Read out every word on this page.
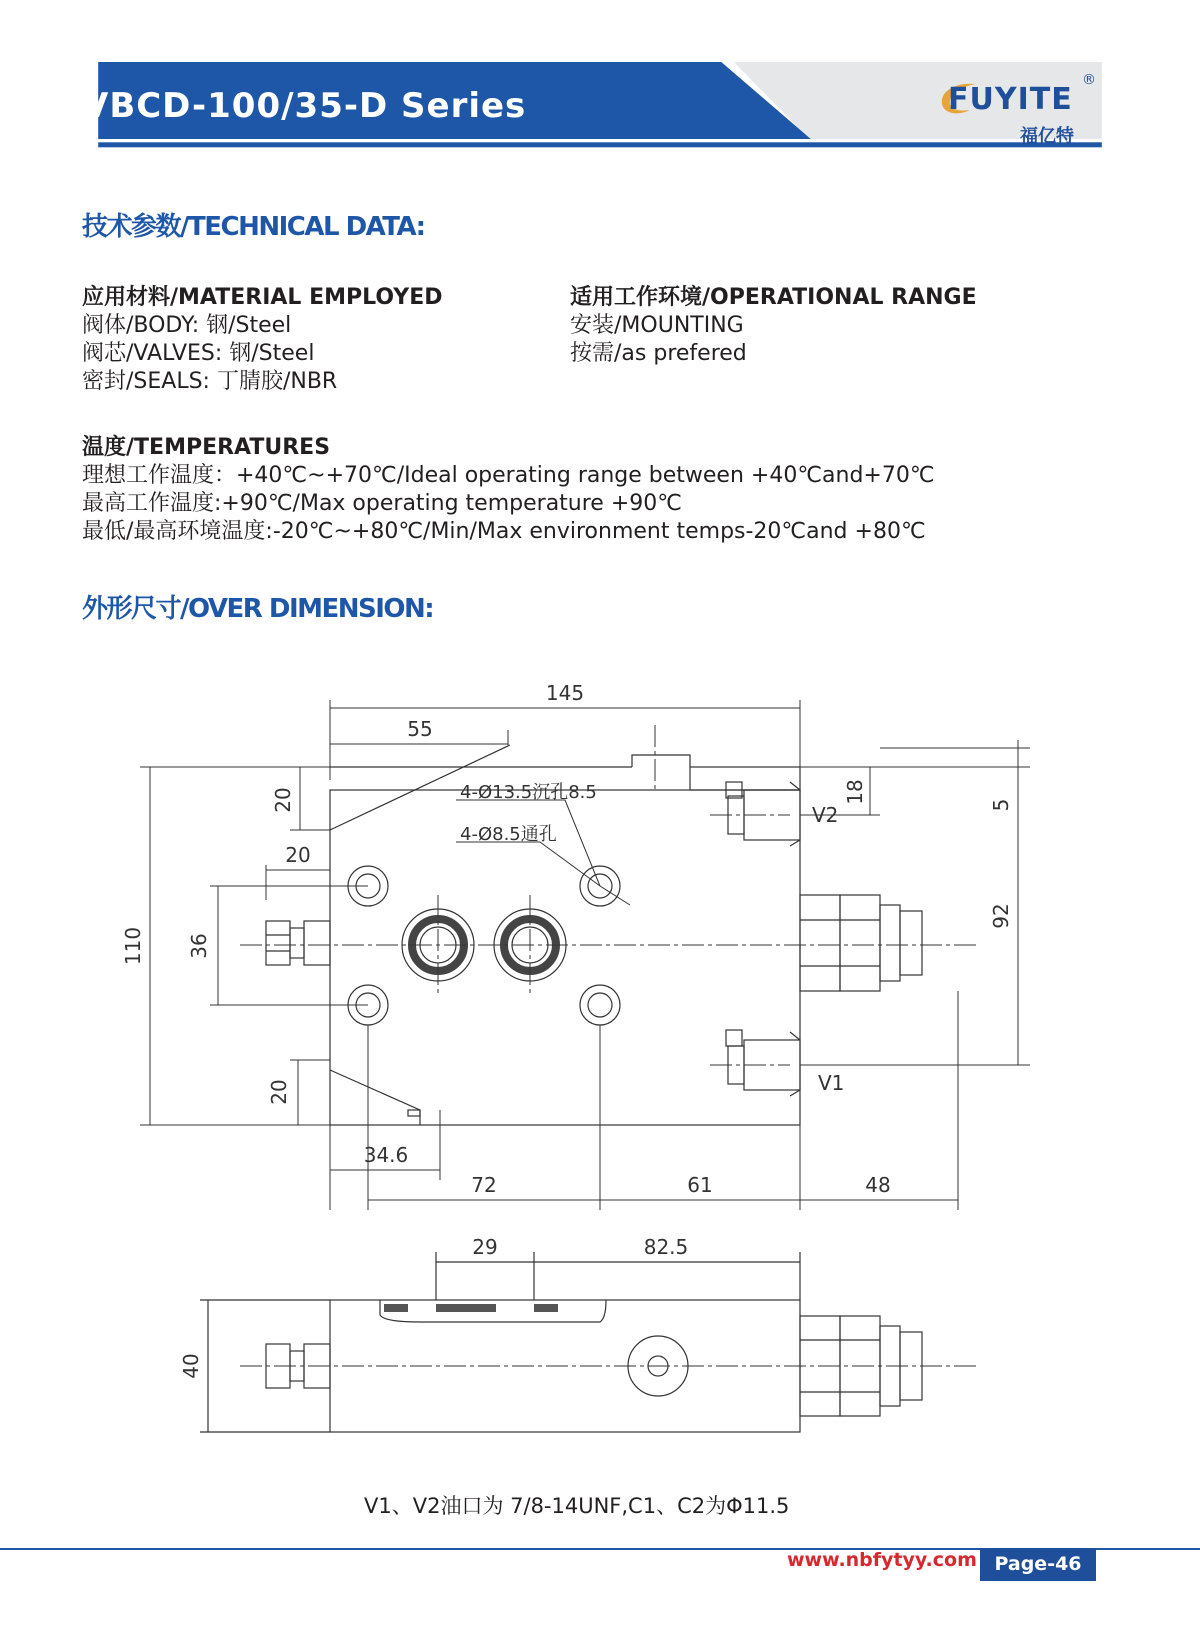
VBCD-100/35-D Series	FUYITE
®
福亿特
技术参数/TECHNICAL DATA:
应用材料/MATERIAL EMPLOYED
阀体/BODY: 钢/Steel
阀芯/VALVES: 钢/Steel
密封/SEALS: 丁腈胶/NBR
适用工作环境/OPERATIONAL RANGE
安装/MOUNTING
按需/as prefered
温度/TEMPERATURES
理想工作温度：+40℃~+70℃/Ideal operating range between +40℃and+70℃
最高工作温度:+90℃/Max operating temperature +90℃
最低/最高环境温度:-20℃~+80℃/Min/Max environment temps-20℃and +80℃
外形尺寸/OVER DIMENSION:
145
55
20
20
110 36
20
34.6
72	61	48
18
5
92
4-Ø13.5沉孔8.5
4-Ø8.5通孔
V2
V1
29	82.5
40
V1、V2油口为 7/8-14UNF,C1、C2为Φ11.5
www.nbfytyy.com Page-46
